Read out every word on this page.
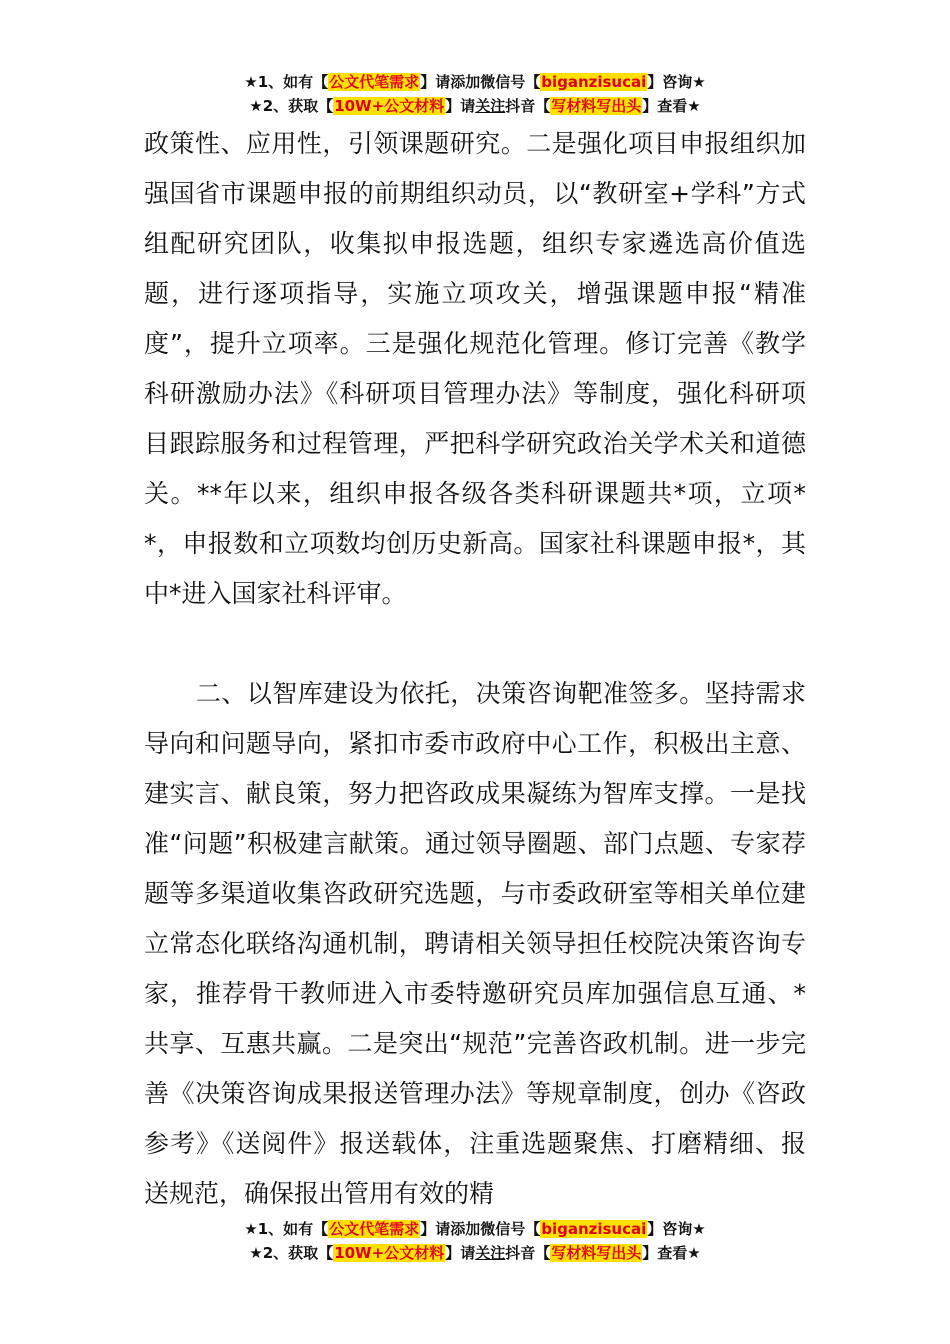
★1、如有【公文代笔需求】请添加微信号【biganzisucai】咨询★
★2、获取【10W+公文材料】请关注抖音【写材料写出头】查看★

政策性、应用性，引领课题研究。二是强化项目申报组织加强国省市课题申报的前期组织动员，以“教研室+学科”方式组配研究团队，收集拟申报选题，组织专家遴选高价值选题，进行逐项指导，实施立项攻关，增强课题申报“精准度”，提升立项率。三是强化规范化管理。修订完善《教学科研激励办法》《科研项目管理办法》等制度，强化科研项目跟踪服务和过程管理，严把科学研究政治关学术关和道德关。**年以来，组织申报各级各类科研课题共*项，立项**，申报数和立项数均创历史新高。国家社科课题申报*，其中*进入国家社科评审。

二、以智库建设为依托，决策咨询靶准签多。坚持需求导向和问题导向，紧扣市委市政府中心工作，积极出主意、建实言、献良策，努力把咨政成果凝练为智库支撑。一是找准“问题”积极建言献策。通过领导圈题、部门点题、专家荐题等多渠道收集咨政研究选题，与市委政研室等相关单位建立常态化联络沟通机制，聘请相关领导担任校院决策咨询专家，推荐骨干教师进入市委特邀研究员库加强信息互通、*共享、互惠共赢。二是突出“规范”完善咨政机制。进一步完善《决策咨询成果报送管理办法》等规章制度，创办《咨政参考》《送阅件》报送载体，注重选题聚焦、打磨精细、报送规范，确保报出管用有效的精

★1、如有【公文代笔需求】请添加微信号【biganzisucai】咨询★
★2、获取【10W+公文材料】请关注抖音【写材料写出头】查看★
